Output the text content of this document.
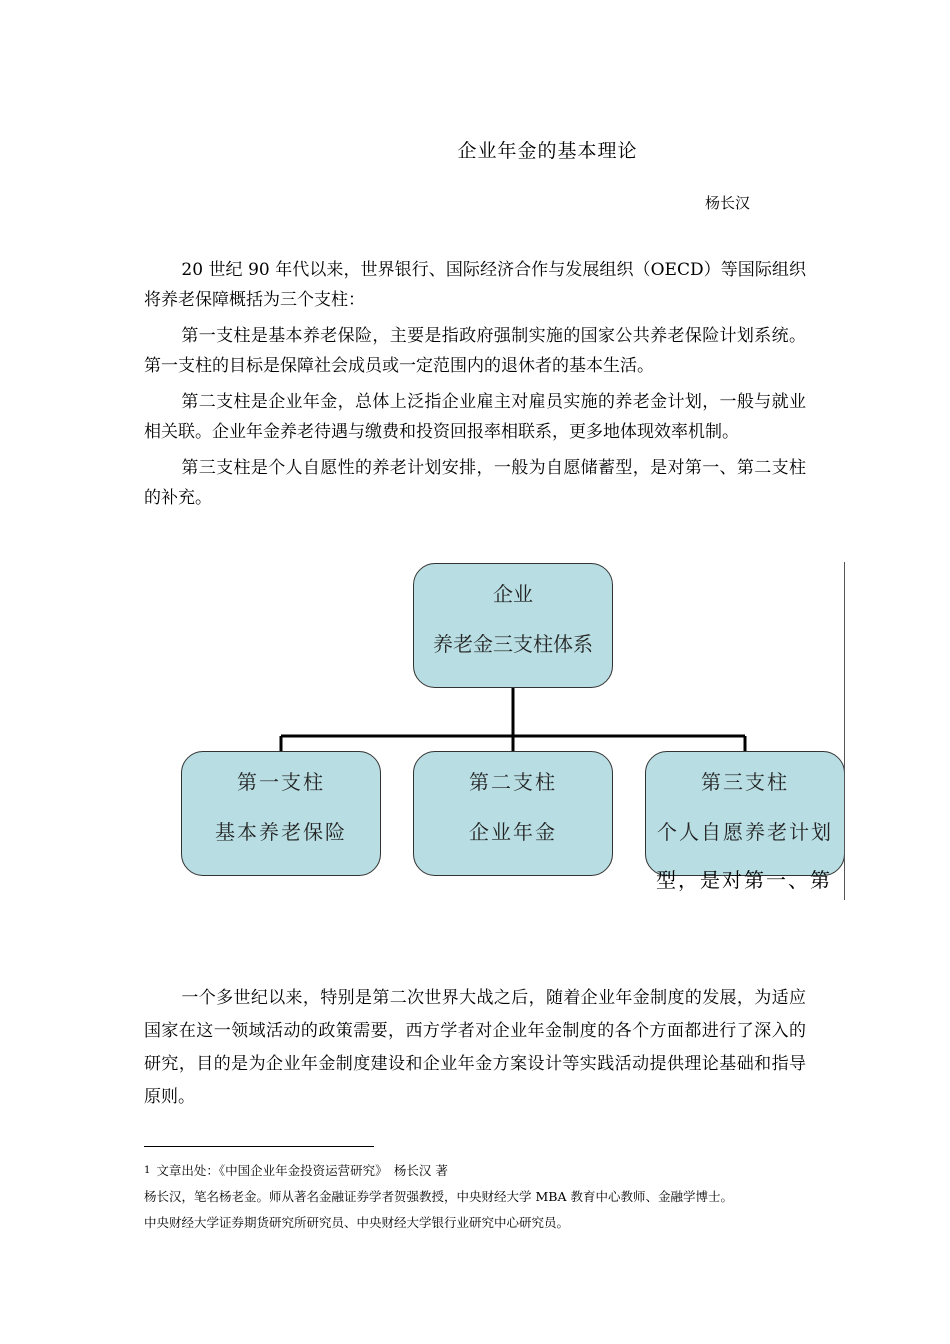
企业年金的基本理论
杨长汉

20 世纪 90 年代以来，世界银行、国际经济合作与发展组织（OECD）等国际组织将养老保障概括为三个支柱：

第一支柱是基本养老保险，主要是指政府强制实施的国家公共养老保险计划系统。第一支柱的目标是保障社会成员或一定范围内的退休者的基本生活。

第二支柱是企业年金，总体上泛指企业雇主对雇员实施的养老金计划，一般与就业相关联。企业年金养老待遇与缴费和投资回报率相联系，更多地体现效率机制。

第三支柱是个人自愿性的养老计划安排，一般为自愿储蓄型，是对第一、第二支柱的补充。

企业
养老金三支柱体系
第一支柱
基本养老保险
第二支柱
企业年金
第三支柱
个人自愿养老计划
型，是对第一、第

一个多世纪以来，特别是第二次世界大战之后，随着企业年金制度的发展，为适应国家在这一领域活动的政策需要，西方学者对企业年金制度的各个方面都进行了深入的研究，目的是为企业年金制度建设和企业年金方案设计等实践活动提供理论基础和指导原则。

1 文章出处：《中国企业年金投资运营研究》　杨长汉 著
杨长汉，笔名杨老金。师从著名金融证券学者贺强教授，中央财经大学 MBA 教育中心教师、金融学博士。
中央财经大学证券期货研究所研究员、中央财经大学银行业研究中心研究员。
